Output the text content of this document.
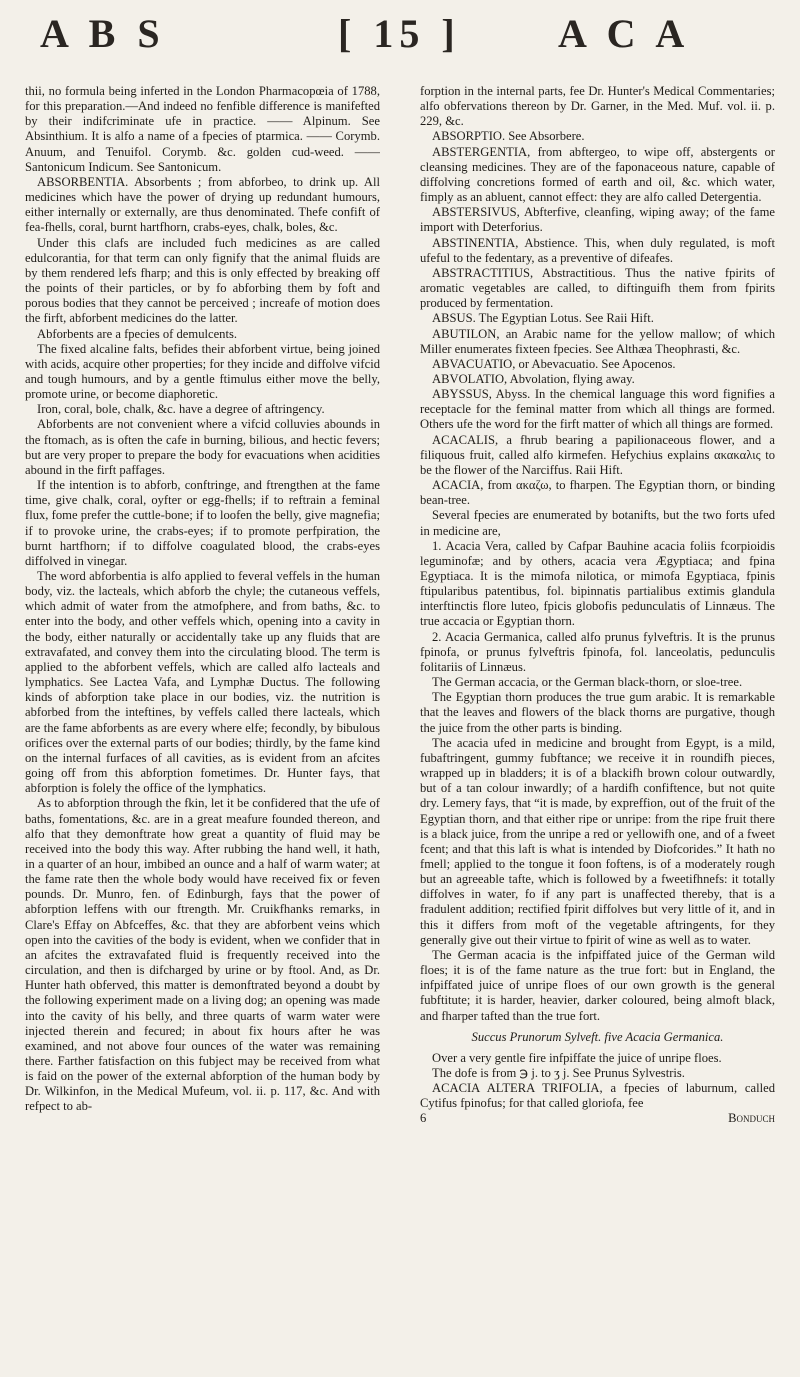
A B S	[ 15 ] A C A

thii, no formula being inferted in the London Pharmacopœia of 1788, for this preparation.—And indeed no fenfible difference is manifefted by their indifcriminate ufe in practice. —— Alpinum. See Absinthium. It is alfo a name of a fpecies of ptarmica. —— Corymb. Anuum, and Tenuifol. Corymb. &c. golden cud-weed. —— Santonicum Indicum. See Santonicum.

ABSORBENTIA. Absorbents ; from abforbeo, to drink up. All medicines which have the power of drying up redundant humours, either internally or externally, are thus denominated. Thefe confift of fea-fhells, coral, burnt hartfhorn, crabs-eyes, chalk, boles, &c.

Under this clafs are included fuch medicines as are called edulcorantia, for that term can only fignify that the animal fluids are by them rendered lefs fharp; and this is only effected by breaking off the points of their particles, or by fo abforbing them by foft and porous bodies that they cannot be perceived ; increafe of motion does the firft, abforbent medicines do the latter.

Abforbents are a fpecies of demulcents.

The fixed alcaline falts, befides their abforbent virtue, being joined with acids, acquire other properties; for they incide and diffolve vifcid and tough humours, and by a gentle ftimulus either move the belly, promote urine, or become diaphoretic.

Iron, coral, bole, chalk, &c. have a degree of aftringency.

Abforbents are not convenient where a vifcid colluvies abounds in the ftomach, as is often the cafe in burning, bilious, and hectic fevers; but are very proper to prepare the body for evacuations when acidities abound in the firft paffages.

If the intention is to abforb, conftringe, and ftrengthen at the fame time, give chalk, coral, oyfter or egg-fhells; if to reftrain a feminal flux, fome prefer the cuttle-bone; if to loofen the belly, give magnefia; if to provoke urine, the crabs-eyes; if to promote perfpiration, the burnt hartfhorn; if to diffolve coagulated blood, the crabs-eyes diffolved in vinegar.

The word abforbentia is alfo applied to feveral veffels in the human body, viz. the lacteals, which abforb the chyle; the cutaneous veffels, which admit of water from the atmofphere, and from baths, &c. to enter into the body, and other veffels which, opening into a cavity in the body, either naturally or accidentally take up any fluids that are extravafated, and convey them into the circulating blood. The term is applied to the abforbent veffels, which are called alfo lacteals and lymphatics. See Lactea Vafa, and Lymphæ Ductus. The following kinds of abforption take place in our bodies, viz. the nutrition is abforbed from the inteftines, by veffels called there lacteals, which are the fame abforbents as are every where elfe; fecondly, by bibulous orifices over the external parts of our bodies; thirdly, by the fame kind on the internal furfaces of all cavities, as is evident from an afcites going off from this abforption fometimes. Dr. Hunter fays, that abforption is folely the office of the lymphatics.

As to abforption through the fkin, let it be confidered that the ufe of baths, fomentations, &c. are in a great meafure founded thereon, and alfo that they demonftrate how great a quantity of fluid may be received into the body this way. After rubbing the hand well, it hath, in a quarter of an hour, imbibed an ounce and a half of warm water; at the fame rate then the whole body would have received fix or feven pounds. Dr. Munro, fen. of Edinburgh, fays that the power of abforption leffens with our ftrength. Mr. Cruikfhanks remarks, in Clare's Effay on Abfceffes, &c. that they are abforbent veins which open into the cavities of the body is evident, when we confider that in an afcites the extravafated fluid is frequently received into the circulation, and then is difcharged by urine or by ftool. And, as Dr. Hunter hath obferved, this matter is demonftrated beyond a doubt by the following experiment made on a living dog; an opening was made into the cavity of his belly, and three quarts of warm water were injected therein and fecured; in about fix hours after he was examined, and not above four ounces of the water was remaining there. Farther fatisfaction on this fubject may be received from what is faid on the power of the external abforption of the human body by Dr. Wilkinfon, in the Medical Mufeum, vol. ii. p. 117, &c. And with refpect to ab-

forption in the internal parts, fee Dr. Hunter's Medical Commentaries; alfo obfervations thereon by Dr. Garner, in the Med. Muf. vol. ii. p. 229, &c.

ABSORPTIO. See Absorbere.

ABSTERGENTIA, from abftergeo, to wipe off, abstergents or cleansing medicines. They are of the faponaceous nature, capable of diffolving concretions formed of earth and oil, &c. which water, fimply as an abluent, cannot effect: they are alfo called Detergentia.

ABSTERSIVUS, Abfterfive, cleanfing, wiping away; of the fame import with Deterforius.

ABSTINENTIA, Abstience. This, when duly regulated, is moft ufeful to the fedentary, as a preventive of difeafes.

ABSTRACTITIUS, Abstractitious. Thus the native fpirits of aromatic vegetables are called, to diftinguifh them from fpirits produced by fermentation.

ABSUS. The Egyptian Lotus. See Raii Hift.

ABUTILON, an Arabic name for the yellow mallow; of which Miller enumerates fixteen fpecies. See Althæa Theophrasti, &c.

ABVACUATIO, or Abevacuatio. See Apocenos.

ABVOLATIO, Abvolation, flying away.

ABYSSUS, Abyss. In the chemical language this word fignifies a receptacle for the feminal matter from which all things are formed. Others ufe the word for the firft matter of which all things are formed.

ACACALIS, a fhrub bearing a papilionaceous flower, and a filiquous fruit, called alfo kirmefen. Hefychius explains ακακαλις to be the flower of the Narciffus. Raii Hift.

ACACIA, from ακαζω, to fharpen. The Egyptian thorn, or binding bean-tree.

Several fpecies are enumerated by botanifts, but the two forts ufed in medicine are,

1. Acacia Vera, called by Cafpar Bauhine acacia foliis fcorpioidis leguminofæ; and by others, acacia vera Ægyptiaca; and fpina Egyptiaca. It is the mimofa nilotica, or mimofa Egyptiaca, fpinis ftipularibus patentibus, fol. bipinnatis partialibus extimis glandula interftinctis flore luteo, fpicis globofis pedunculatis of Linnæus. The true accacia or Egyptian thorn.

2. Acacia Germanica, called alfo prunus fylveftris. It is the prunus fpinofa, or prunus fylveftris fpinofa, fol. lanceolatis, pedunculis folitariis of Linnæus.

The German accacia, or the German black-thorn, or sloe-tree.

The Egyptian thorn produces the true gum arabic. It is remarkable that the leaves and flowers of the black thorns are purgative, though the juice from the other parts is binding.

The acacia ufed in medicine and brought from Egypt, is a mild, fubaftringent, gummy fubftance; we receive it in roundifh pieces, wrapped up in bladders; it is of a blackifh brown colour outwardly, but of a tan colour inwardly; of a hardifh confiftence, but not quite dry. Lemery fays, that “it is made, by expreffion, out of the fruit of the Egyptian thorn, and that either ripe or unripe: from the ripe fruit there is a black juice, from the unripe a red or yellowifh one, and of a fweet fcent; and that this laft is what is intended by Diofcorides.” It hath no fmell; applied to the tongue it foon foftens, is of a moderately rough but an agreeable tafte, which is followed by a fweetifhnefs: it totally diffolves in water, fo if any part is unaffected thereby, that is a fradulent addition; rectified fpirit diffolves but very little of it, and in this it differs from moft of the vegetable aftringents, for they generally give out their virtue to fpirit of wine as well as to water.

The German acacia is the infpiffated juice of the German wild floes; it is of the fame nature as the true fort: but in England, the infpiffated juice of unripe floes of our own growth is the general fubftitute; it is harder, heavier, darker coloured, being almoft black, and fharper tafted than the true fort.

Succus Prunorum Sylveft. five Acacia Germanica.

Over a very gentle fire infpiffate the juice of unripe floes.

The dofe is from ℈ j. to ʒ j. See Prunus Sylvestris.

ACACIA ALTERA TRIFOLIA, a fpecies of laburnum, called Cytifus fpinofus; for that called gloriofa, fee

6	Bonduch
